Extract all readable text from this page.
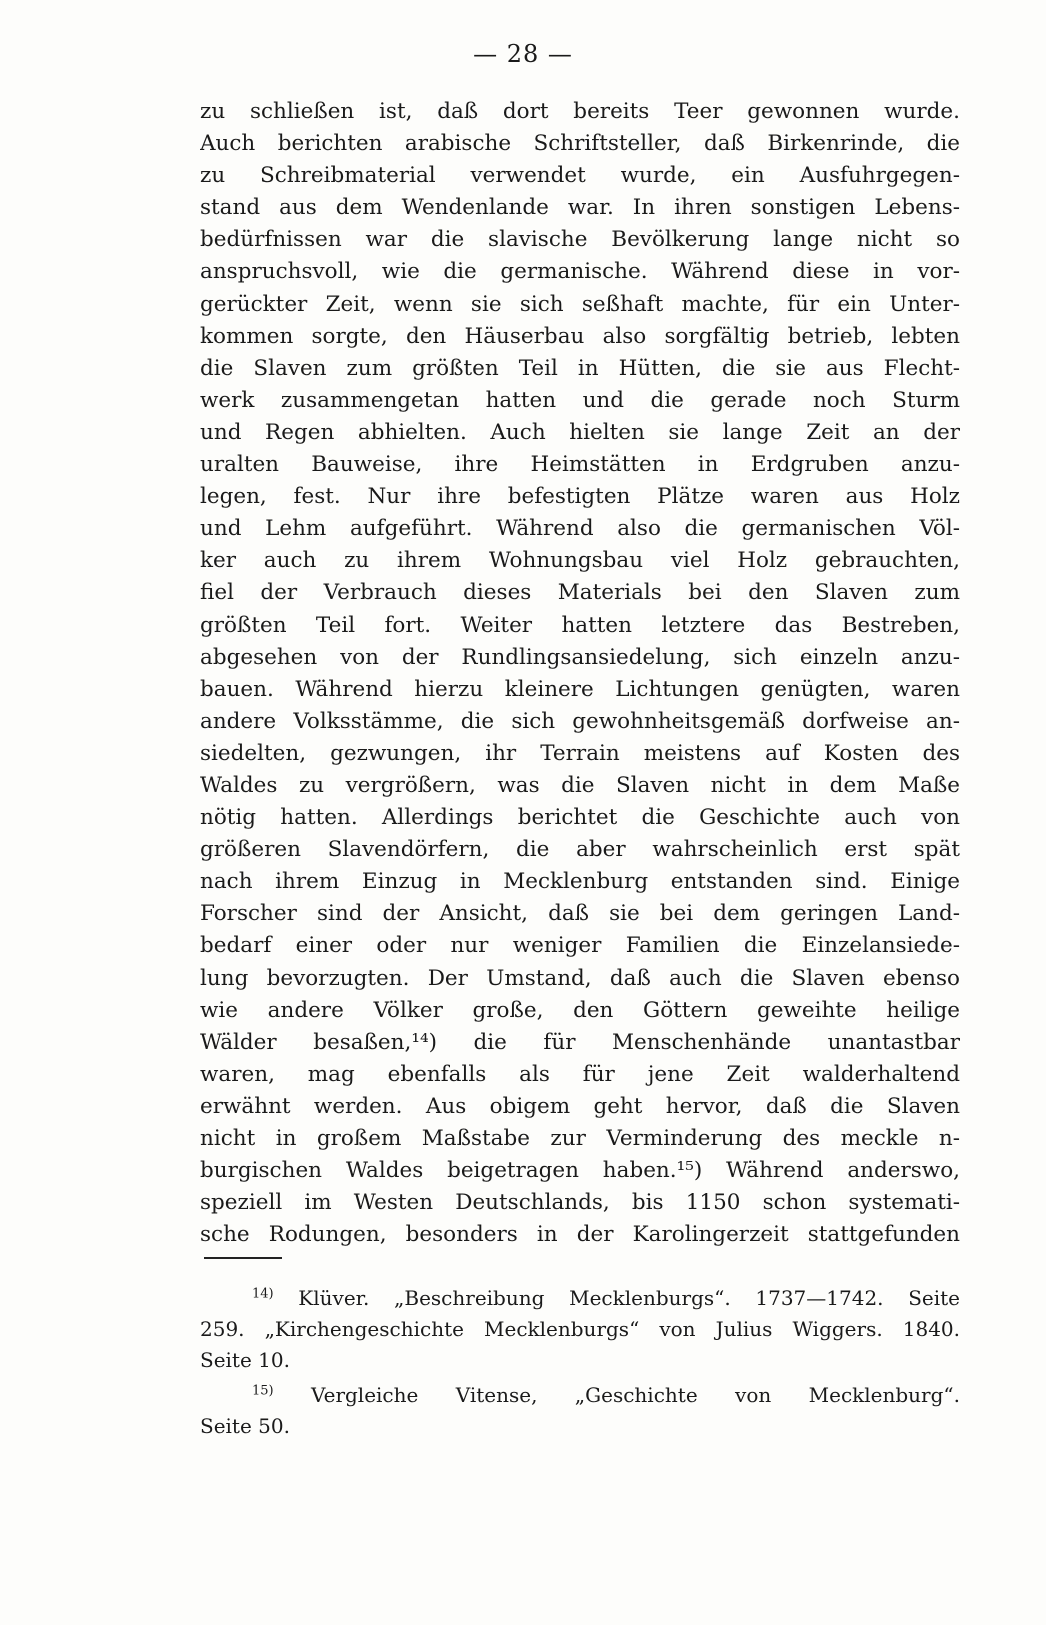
— 28 —
zu schließen ist, daß dort bereits Teer gewonnen wurde.
Auch berichten arabische Schriftsteller, daß Birkenrinde, die
zu Schreibmaterial verwendet wurde, ein Ausfuhrgegen-
stand aus dem Wendenlande war. In ihren sonstigen Lebens-
bedürfnissen war die slavische Bevölkerung lange nicht so
anspruchsvoll, wie die germanische. Während diese in vor-
gerückter Zeit, wenn sie sich seßhaft machte, für ein Unter-
kommen sorgte, den Häuserbau also sorgfältig betrieb, lebten
die Slaven zum größten Teil in Hütten, die sie aus Flecht-
werk zusammengetan hatten und die gerade noch Sturm
und Regen abhielten. Auch hielten sie lange Zeit an der
uralten Bauweise, ihre Heimstätten in Erdgruben anzu-
legen, fest. Nur ihre befestigten Plätze waren aus Holz
und Lehm aufgeführt. Während also die germanischen Völ-
ker auch zu ihrem Wohnungsbau viel Holz gebrauchten,
fiel der Verbrauch dieses Materials bei den Slaven zum
größten Teil fort. Weiter hatten letztere das Bestreben,
abgesehen von der Rundlingsansiedelung, sich einzeln anzu-
bauen. Während hierzu kleinere Lichtungen genügten, waren
andere Volksstämme, die sich gewohnheitsgemäß dorfweise an-
siedelten, gezwungen, ihr Terrain meistens auf Kosten des
Waldes zu vergrößern, was die Slaven nicht in dem Maße
nötig hatten. Allerdings berichtet die Geschichte auch von
größeren Slavendörfern, die aber wahrscheinlich erst spät
nach ihrem Einzug in Mecklenburg entstanden sind. Einige
Forscher sind der Ansicht, daß sie bei dem geringen Land-
bedarf einer oder nur weniger Familien die Einzelansiede-
lung bevorzugten. Der Umstand, daß auch die Slaven ebenso
wie andere Völker große, den Göttern geweihte heilige
Wälder besaßen,¹⁴) die für Menschenhände unantastbar
waren, mag ebenfalls als für jene Zeit walderhaltend
erwähnt werden. Aus obigem geht hervor, daß die Slaven
nicht in großem Maßstabe zur Verminderung des meckle n-
burgischen Waldes beigetragen haben.¹⁵) Während anderswo,
speziell im Westen Deutschlands, bis 1150 schon systemati-
sche Rodungen, besonders in der Karolingerzeit stattgefunden
$^{14)}$ Klüver. „Beschreibung Mecklenburgs“. 1737—1742. Seite
259. „Kirchengeschichte Mecklenburgs“ von Julius Wiggers. 1840.
Seite 10.
$^{15)}$ Vergleiche Vitense, „Geschichte von Mecklenburg“.
Seite 50.
